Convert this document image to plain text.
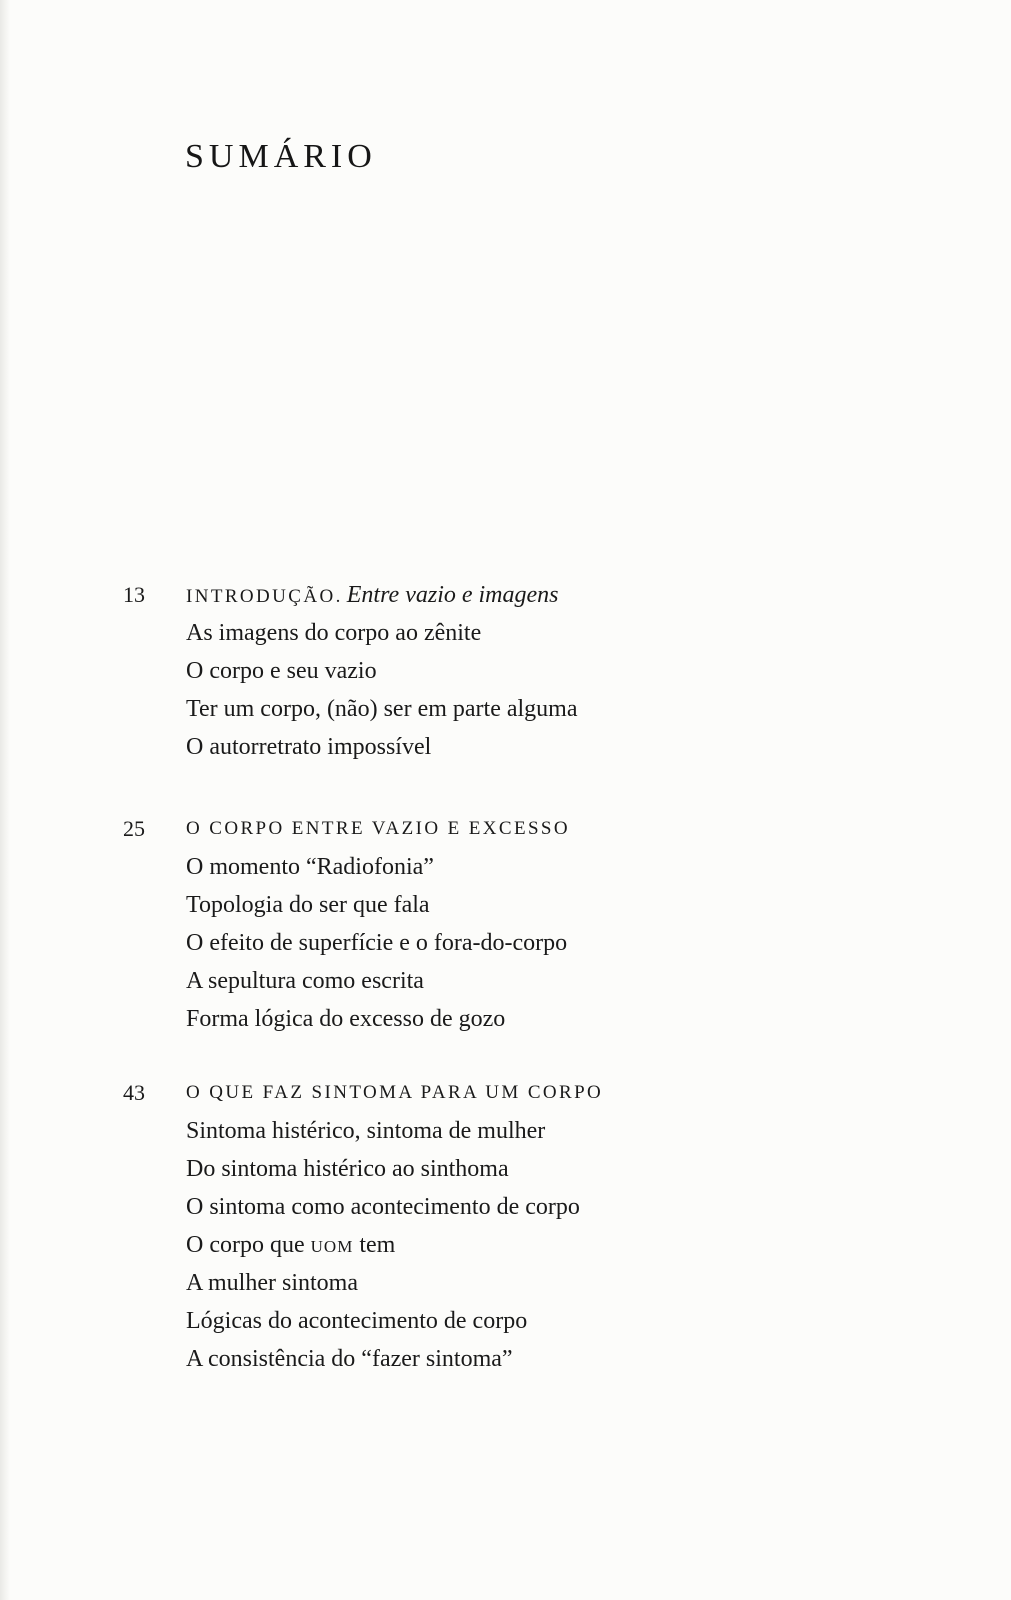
SUMÁRIO
13 INTRODUÇÃO. Entre vazio e imagens
As imagens do corpo ao zênite
O corpo e seu vazio
Ter um corpo, (não) ser em parte alguma
O autorretrato impossível
25 O CORPO ENTRE VAZIO E EXCESSO
O momento “Radiofonia”
Topologia do ser que fala
O efeito de superfície e o fora-do-corpo
A sepultura como escrita
Forma lógica do excesso de gozo
43 O QUE FAZ SINTOMA PARA UM CORPO
Sintoma histérico, sintoma de mulher
Do sintoma histérico ao sinthoma
O sintoma como acontecimento de corpo
O corpo que UOM tem
A mulher sintoma
Lógicas do acontecimento de corpo
A consistência do “fazer sintoma”
